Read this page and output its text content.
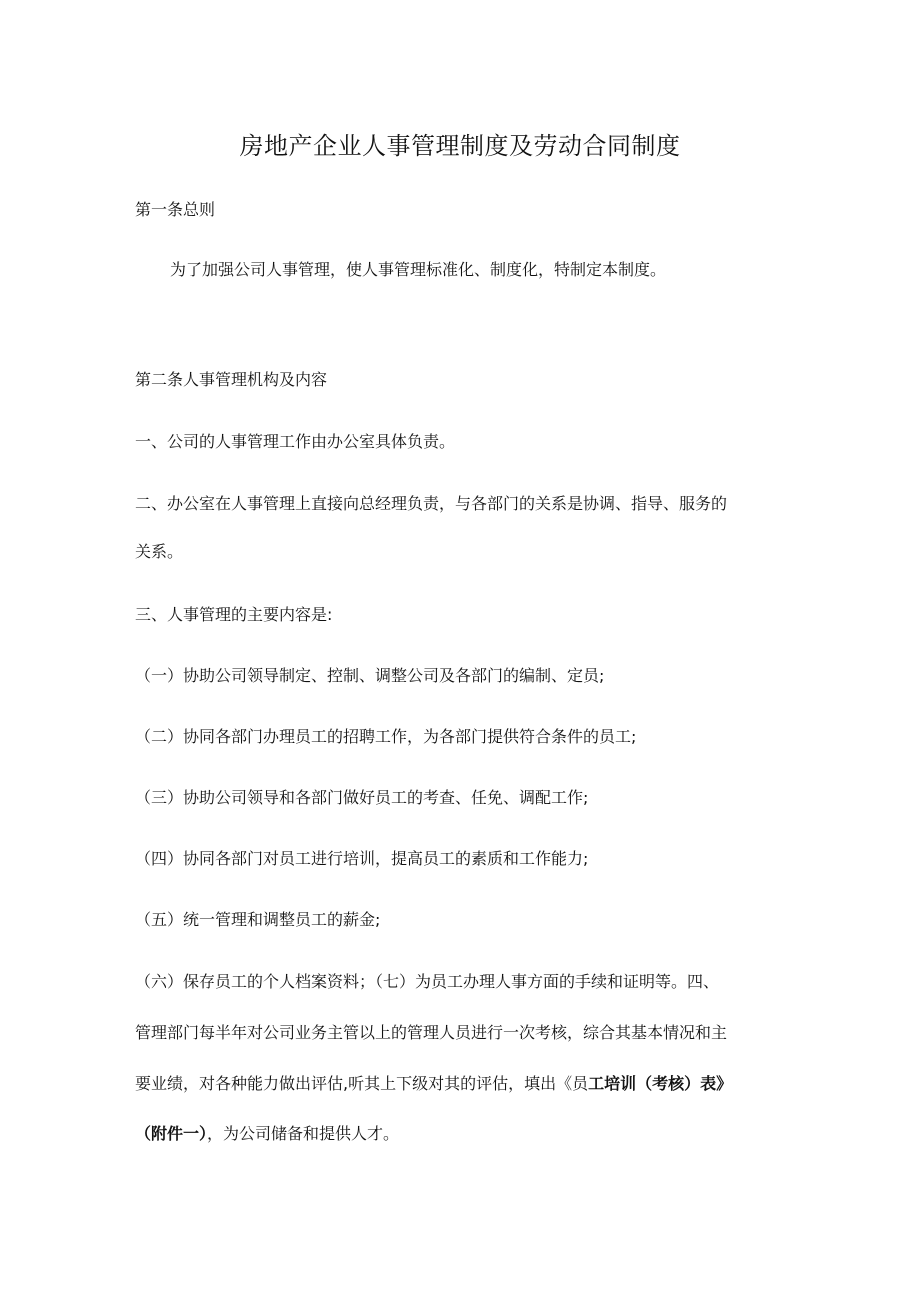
房地产企业人事管理制度及劳动合同制度
第一条总则
为了加强公司人事管理，使人事管理标准化、制度化，特制定本制度。
第二条人事管理机构及内容
一、公司的人事管理工作由办公室具体负责。
二、办公室在人事管理上直接向总经理负责，与各部门的关系是协调、指导、服务的
关系。
三、人事管理的主要内容是:
（一）协助公司领导制定、控制、调整公司及各部门的编制、定员;
（二）协同各部门办理员工的招聘工作，为各部门提供符合条件的员工;
（三）协助公司领导和各部门做好员工的考查、任免、调配工作;
（四）协同各部门对员工进行培训，提高员工的素质和工作能力;
（五）统一管理和调整员工的薪金;
（六）保存员工的个人档案资料；（七）为员工办理人事方面的手续和证明等。四、
管理部门每半年对公司业务主管以上的管理人员进行一次考核，综合其基本情况和主
要业绩，对各种能力做出评估,听其上下级对其的评估，填出《员工培训（考核）表》
（附件一），为公司储备和提供人才。
